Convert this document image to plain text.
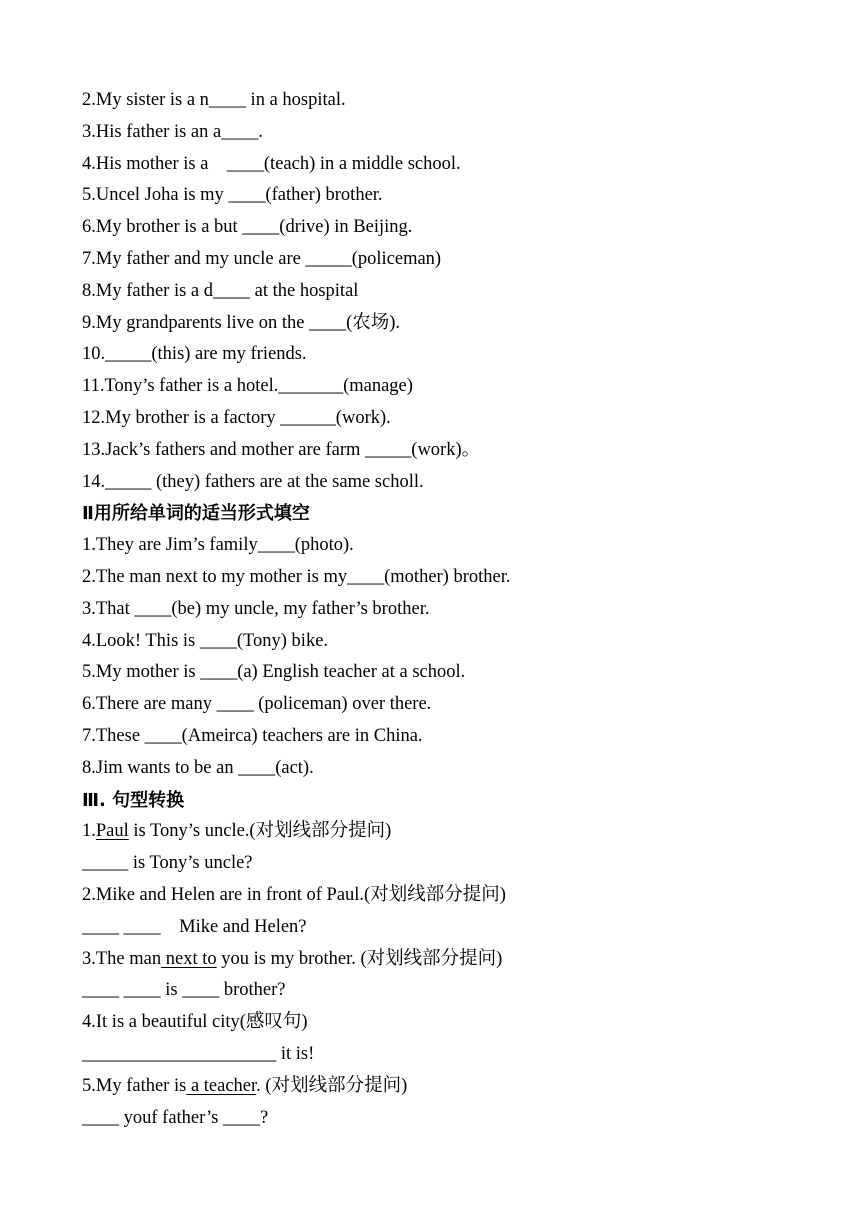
2.My sister is a n____ in a hospital.
3.His father is an a____.
4.His mother is a    ____(teach) in a middle school.
5.Uncel Joha is my ____(father) brother.
6.My brother is a but ____(drive) in Beijing.
7.My father and my uncle are _____(policeman)
8.My father is a d____ at the hospital
9.My grandparents live on the ____(农场).
10._____(this) are my friends.
11.Tony’s father is a hotel._______(manage)
12.My brother is a factory ______(work).
13.Jack’s fathers and mother are farm _____(work)。
14._____ (they) fathers are at the same scholl.
Ⅱ用所给单词的适当形式填空
1.They are Jim’s family____(photo).
2.The man next to my mother is my____(mother) brother.
3.That ____(be) my uncle, my father’s brother.
4.Look! This is ____(Tony) bike.
5.My mother is ____(a) English teacher at a school.
6.There are many ____ (policeman) over there.
7.These ____(Ameirca) teachers are in China.
8.Jim wants to be an ____(act).
Ⅲ. 句型转换
1.Paul is Tony’s uncle.(对划线部分提问)
_____ is Tony’s uncle?
2.Mike and Helen are in front of Paul.(对划线部分提问)
____ ____    Mike and Helen?
3.The man next to you is my brother. (对划线部分提问)
____ ____ is ____ brother?
4.It is a beautiful city(感叹句)
_____________________ it is!
5.My father is a teacher. (对划线部分提问)
____ youf father’s ____?
